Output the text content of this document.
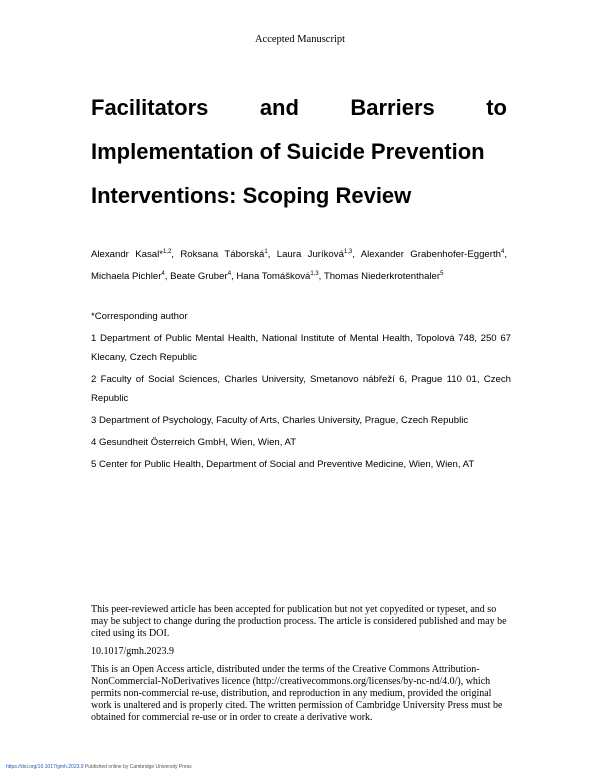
Accepted Manuscript
Facilitators and Barriers to
Implementation of Suicide Prevention
Interventions: Scoping Review
Alexandr Kasal*$^{1,2}$, Roksana Táborská$^1$, Laura Juríková$^{1,3}$, Alexander Grabenhofer-Eggerth$^4$, Michaela Pichler$^4$, Beate Gruber$^4$, Hana Tomášková$^{1,3}$, Thomas Niederkrotenthaler$^5$

*Corresponding author

1 Department of Public Mental Health, National Institute of Mental Health, Topolová 748, 250 67 Klecany, Czech Republic

2 Faculty of Social Sciences, Charles University, Smetanovo nábřeží 6, Prague 110 01, Czech Republic

3 Department of Psychology, Faculty of Arts, Charles University, Prague, Czech Republic

4 Gesundheit Österreich GmbH, Wien, Wien, AT

5 Center for Public Health, Department of Social and Preventive Medicine, Wien, Wien, AT

This peer-reviewed article has been accepted for publication but not yet copyedited or typeset, and so may be subject to change during the production process. The article is considered published and may be cited using its DOI.

10.1017/gmh.2023.9

This is an Open Access article, distributed under the terms of the Creative Commons Attribution-NonCommercial-NoDerivatives licence (http://creativecommons.org/licenses/by-nc-nd/4.0/), which permits non-commercial re-use, distribution, and reproduction in any medium, provided the original work is unaltered and is properly cited. The written permission of Cambridge University Press must be obtained for commercial re-use or in order to create a derivative work.

https://doi.org/10.1017/gmh.2023.9 Published online by Cambridge University Press
